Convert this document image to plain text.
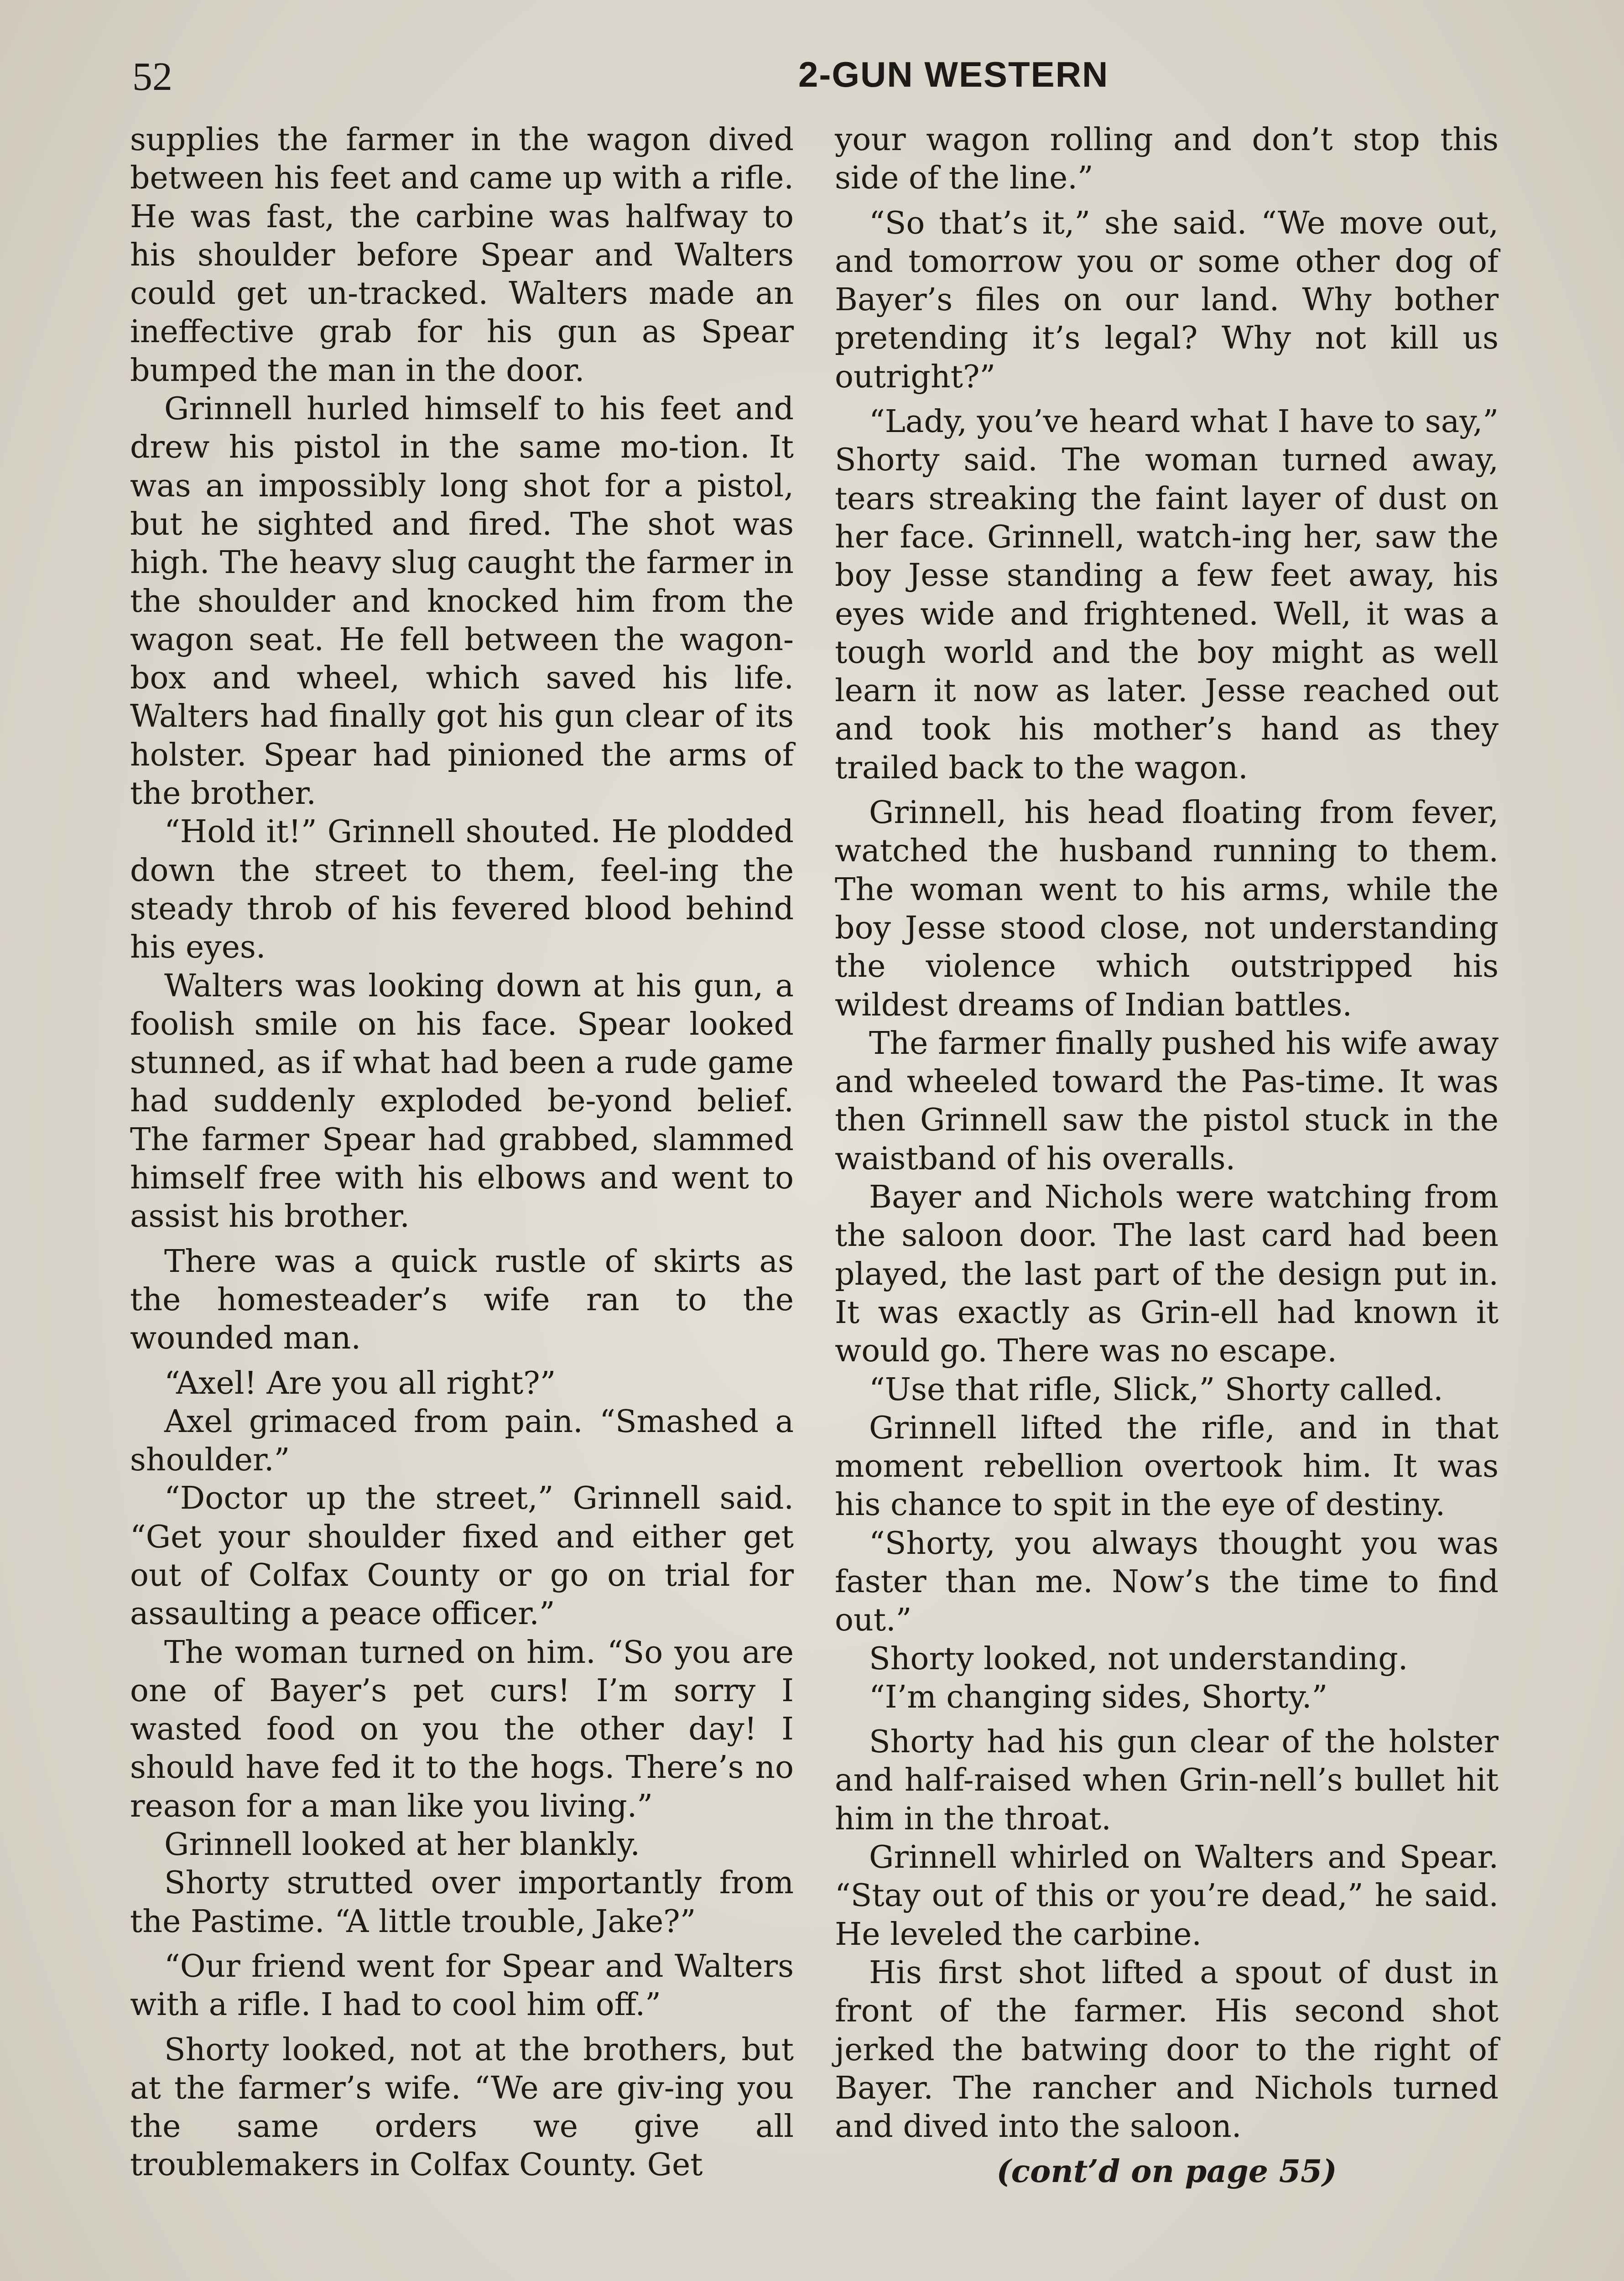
52	2-GUN WESTERN

supplies the farmer in the wagon dived between his feet and came up with a rifle. He was fast, the carbine was halfway to his shoulder before Spear and Walters could get un-tracked. Walters made an ineffective grab for his gun as Spear bumped the man in the door.

Grinnell hurled himself to his feet and drew his pistol in the same mo-tion. It was an impossibly long shot for a pistol, but he sighted and fired. The shot was high. The heavy slug caught the farmer in the shoulder and knocked him from the wagon seat. He fell between the wagon-box and wheel, which saved his life. Walters had finally got his gun clear of its holster. Spear had pinioned the arms of the brother.

“Hold it!” Grinnell shouted. He plodded down the street to them, feel-ing the steady throb of his fevered blood behind his eyes.

Walters was looking down at his gun, a foolish smile on his face. Spear looked stunned, as if what had been a rude game had suddenly exploded be-yond belief. The farmer Spear had grabbed, slammed himself free with his elbows and went to assist his brother.

There was a quick rustle of skirts as the homesteader’s wife ran to the wounded man.

“Axel! Are you all right?”

Axel grimaced from pain. “Smashed a shoulder.”

“Doctor up the street,” Grinnell said. “Get your shoulder fixed and either get out of Colfax County or go on trial for assaulting a peace officer.”

The woman turned on him. “So you are one of Bayer’s pet curs! I’m sorry I wasted food on you the other day! I should have fed it to the hogs. There’s no reason for a man like you living.”

Grinnell looked at her blankly.

Shorty strutted over importantly from the Pastime. “A little trouble, Jake?”

“Our friend went for Spear and Walters with a rifle. I had to cool him off.”

Shorty looked, not at the brothers, but at the farmer’s wife. “We are giv-ing you the same orders we give all troublemakers in Colfax County. Get

your wagon rolling and don’t stop this side of the line.”

“So that’s it,” she said. “We move out, and tomorrow you or some other dog of Bayer’s files on our land. Why bother pretending it’s legal? Why not kill us outright?”

“Lady, you’ve heard what I have to say,” Shorty said. The woman turned away, tears streaking the faint layer of dust on her face. Grinnell, watch-ing her, saw the boy Jesse standing a few feet away, his eyes wide and frightened. Well, it was a tough world and the boy might as well learn it now as later. Jesse reached out and took his mother’s hand as they trailed back to the wagon.

Grinnell, his head floating from fever, watched the husband running to them. The woman went to his arms, while the boy Jesse stood close, not understanding the violence which outstripped his wildest dreams of Indian battles.

The farmer finally pushed his wife away and wheeled toward the Pas-time. It was then Grinnell saw the pistol stuck in the waistband of his overalls.

Bayer and Nichols were watching from the saloon door. The last card had been played, the last part of the design put in. It was exactly as Grin-ell had known it would go. There was no escape.

“Use that rifle, Slick,” Shorty called.

Grinnell lifted the rifle, and in that moment rebellion overtook him. It was his chance to spit in the eye of destiny.

“Shorty, you always thought you was faster than me. Now’s the time to find out.”

Shorty looked, not understanding.

“I’m changing sides, Shorty.”

Shorty had his gun clear of the holster and half-raised when Grin-nell’s bullet hit him in the throat.

Grinnell whirled on Walters and Spear. “Stay out of this or you’re dead,” he said. He leveled the carbine.

His first shot lifted a spout of dust in front of the farmer. His second shot jerked the batwing door to the right of Bayer. The rancher and Nichols turned and dived into the saloon.

(cont’d on page 55)
